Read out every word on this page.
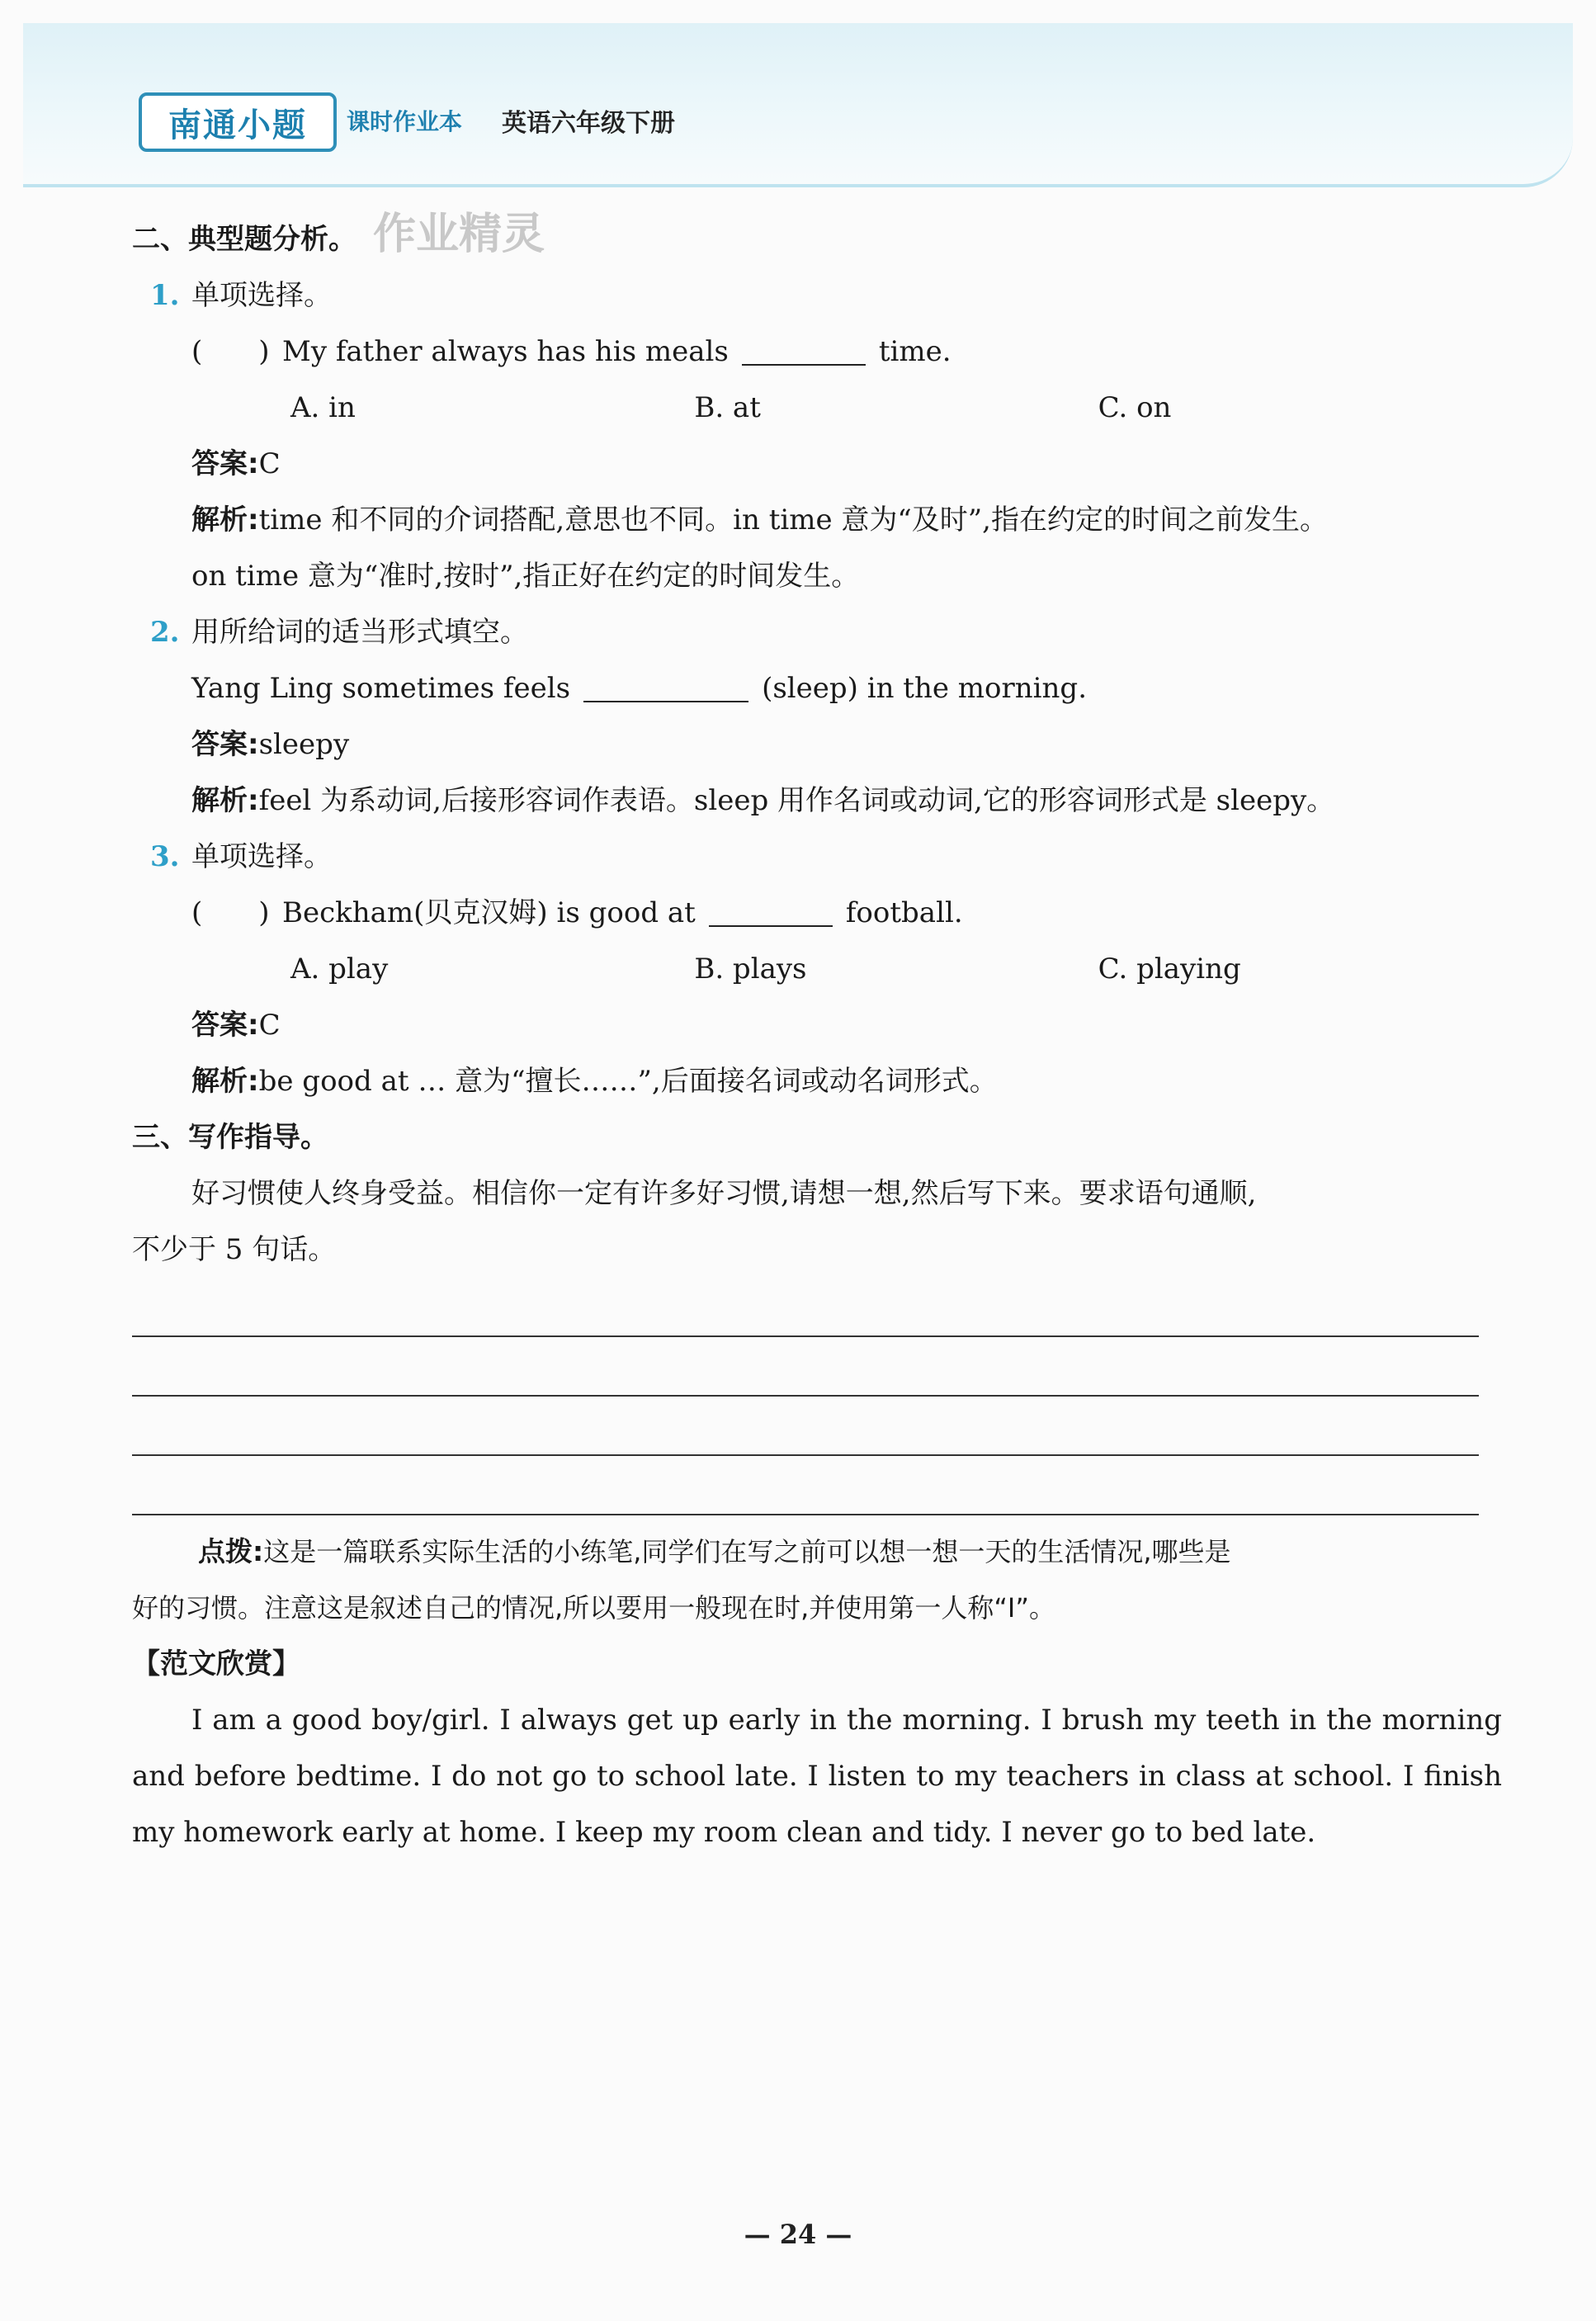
南通小题	课时作业本 英语六年级下册
二、典型题分析。 作业精灵
1. 单项选择。
(　　) My father always has his meals	time.
A. in	B. at	C. on
答案:C
解析:time 和不同的介词搭配,意思也不同。in time 意为“及时”,指在约定的时间之前发生。
on time 意为“准时,按时”,指正好在约定的时间发生。
2. 用所给词的适当形式填空。
Yang Ling sometimes feels	(sleep) in the morning.
答案:sleepy
解析:feel 为系动词,后接形容词作表语。sleep 用作名词或动词,它的形容词形式是 sleepy。
3. 单项选择。
(　　) Beckham(贝克汉姆) is good at	football.
A. play	B. plays	C. playing
答案:C
解析:be good at … 意为“擅长……”,后面接名词或动名词形式。
三、写作指导。
好习惯使人终身受益。相信你一定有许多好习惯,请想一想,然后写下来。要求语句通顺,
不少于 5 句话。
点拨:这是一篇联系实际生活的小练笔,同学们在写之前可以想一想一天的生活情况,哪些是
好的习惯。注意这是叙述自己的情况,所以要用一般现在时,并使用第一人称“I”。
【范文欣赏】
I am a good boy/girl. I always get up early in the morning. I brush my teeth in the morning and before bedtime. I do not go to school late. I listen to my teachers in class at school. I finish my homework early at home. I keep my room clean and tidy. I never go to bed late.
— 24 —
